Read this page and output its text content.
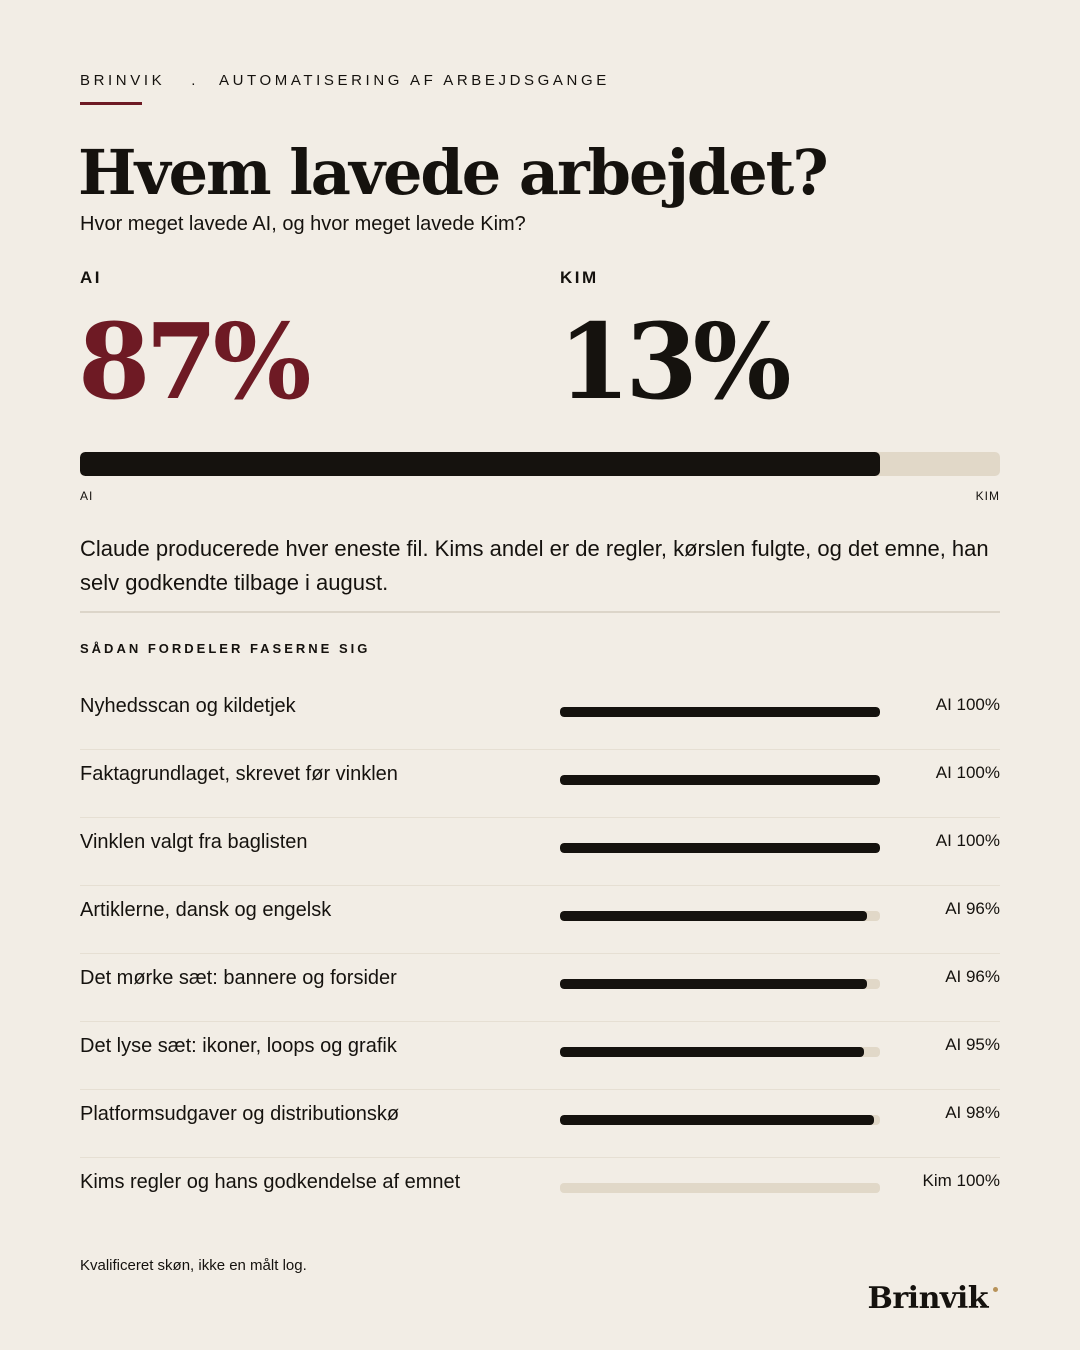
BRINVIK . AUTOMATISERING AF ARBEJDSGANGE
Hvem lavede arbejdet?
Hvor meget lavede AI, og hvor meget lavede Kim?
AI	KIM
87% 13%
AI	KIM

Claude producerede hver eneste fil. Kims andel er de regler, kørslen fulgte, og det emne, han selv godkendte tilbage i august.

SÅDAN FORDELER FASERNE SIG
Nyhedsscan og kildetjek	AI 100%
Faktagrundlaget, skrevet før vinklen	AI 100%
Vinklen valgt fra baglisten	AI 100%
Artiklerne, dansk og engelsk	AI 96%
Det mørke sæt: bannere og forsider	AI 96%
Det lyse sæt: ikoner, loops og grafik	AI 95%
Platformsudgaver og distributionskø	AI 98%
Kims regler og hans godkendelse af emnet	Kim 100%
Kvalificeret skøn, ikke en målt log.
Brinvik
